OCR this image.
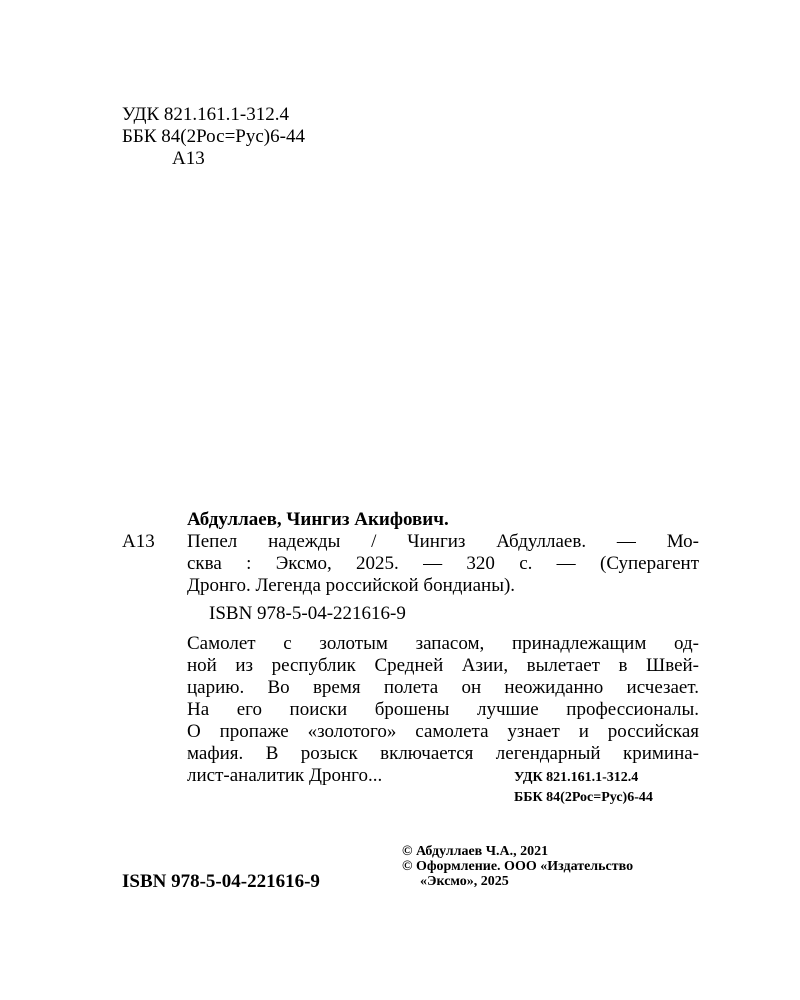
УДК 821.161.1-312.4
ББК 84(2Рос=Рус)6-44
А13
Абдуллаев, Чингиз Акифович.
А13 Пепел надежды / Чингиз Абдуллаев. — Мо-
сква : Эксмо, 2025. — 320 с. — (Суперагент
Дронго. Легенда российской бондианы).
ISBN 978-5-04-221616-9
Самолет с золотым запасом, принадлежащим од-
ной из республик Средней Азии, вылетает в Швей-
царию. Во время полета он неожиданно исчезает.
На его поиски брошены лучшие профессионалы.
О пропаже «золотого» самолета узнает и российская
мафия. В розыск включается легендарный кримина-
лист-аналитик Дронго...	УДК 821.161.1-312.4
ББК 84(2Рос=Рус)6-44
© Абдуллаев Ч.А., 2021
© Оформление. ООО «Издательство
«Эксмо», 2025
ISBN 978-5-04-221616-9
